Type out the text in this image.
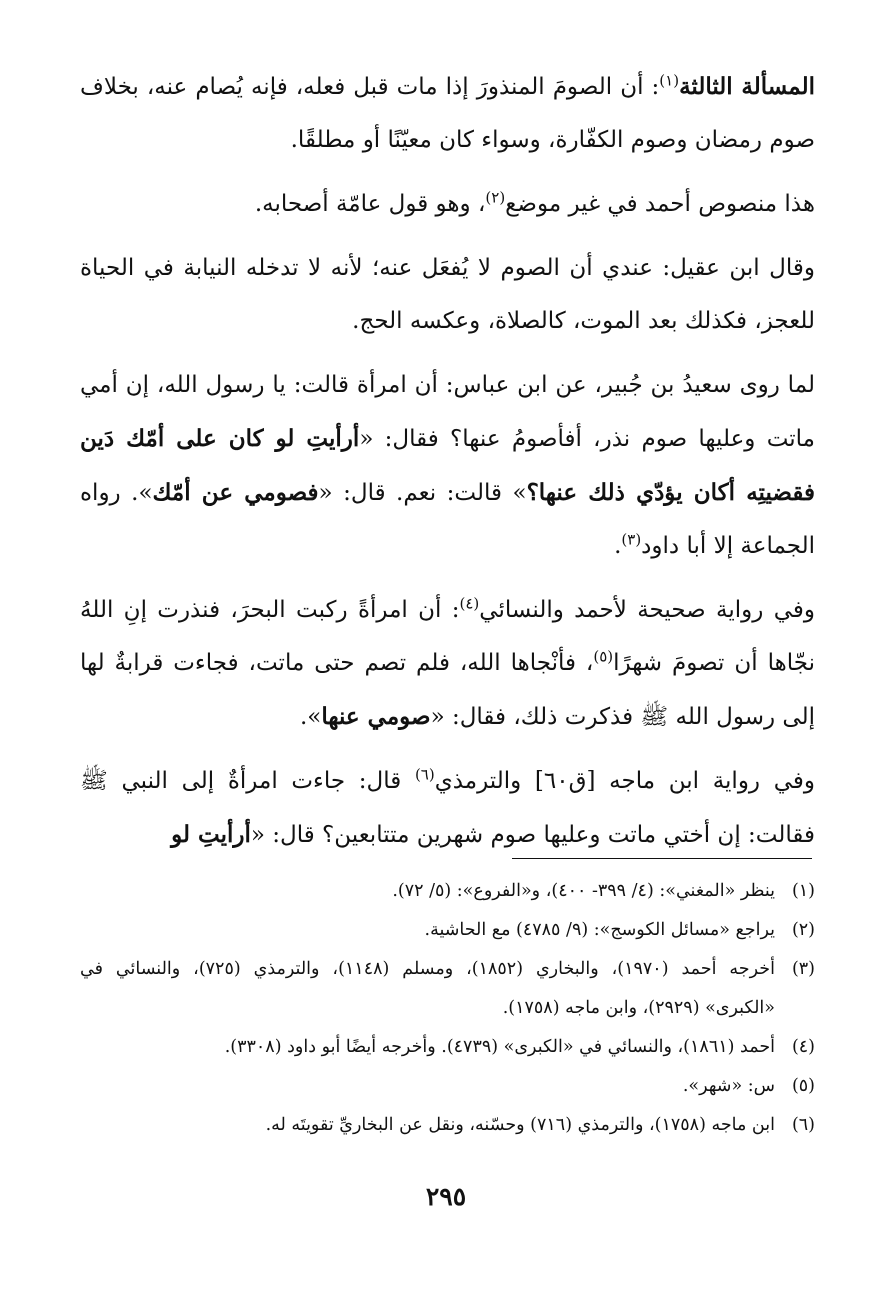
المسألة الثالثة$^{(١)}$: أن الصومَ المنذورَ إذا مات قبل فعله، فإنه يُصام عنه، بخلاف صوم رمضان وصوم الكفّارة، وسواء كان معيّنًا أو مطلقًا.

هذا منصوص أحمد في غير موضع$^{(٢)}$، وهو قول عامّة أصحابه.

وقال ابن عقيل: عندي أن الصوم لا يُفعَل عنه؛ لأنه لا تدخله النيابة في الحياة للعجز، فكذلك بعد الموت، كالصلاة، وعكسه الحج.

لما روى سعيدُ بن جُبير، عن ابن عباس: أن امرأة قالت: يا رسول الله، إن أمي ماتت وعليها صوم نذر، أفأصومُ عنها؟ فقال: «أرأيتِ لو كان على أمّك دَين فقضيتِه أكان يؤدّي ذلك عنها؟» قالت: نعم. قال: «فصومي عن أمّك». رواه الجماعة إلا أبا داود$^{(٣)}$.

وفي رواية صحيحة لأحمد والنسائي$^{(٤)}$: أن امرأةً ركبت البحرَ، فنذرت إنِ اللهُ نجّاها أن تصومَ شهرًا$^{(٥)}$، فأنْجاها الله، فلم تصم حتى ماتت، فجاءت قرابةٌ لها إلى رسول الله ﷺ فذكرت ذلك، فقال: «صومي عنها».

وفي رواية ابن ماجه [ق٦٠] والترمذي$^{(٦)}$ قال: جاءت امرأةٌ إلى النبي ﷺ فقالت: إن أختي ماتت وعليها صوم شهرين متتابعين؟ قال: «أرأيتِ لو

(١)
ينظر «المغني»: (٤/ ٣٩٩- ٤٠٠)، و«الفروع»: (٥/ ٧٢).
(٢)
يراجع «مسائل الكوسج»: (٩/ ٤٧٨٥) مع الحاشية.
(٣)
أخرجه أحمد (١٩٧٠)، والبخاري (١٨٥٢)، ومسلم (١١٤٨)، والترمذي (٧٢٥)، والنسائي في «الكبرى» (٢٩٢٩)، وابن ماجه (١٧٥٨).
(٤)
أحمد (١٨٦١)، والنسائي في «الكبرى» (٤٧٣٩). وأخرجه أيضًا أبو داود (٣٣٠٨).
(٥)
س: «شهر».
(٦)
ابن ماجه (١٧٥٨)، والترمذي (٧١٦) وحسّنه، ونقل عن البخاريِّ تقويتَه له.
٢٩٥
